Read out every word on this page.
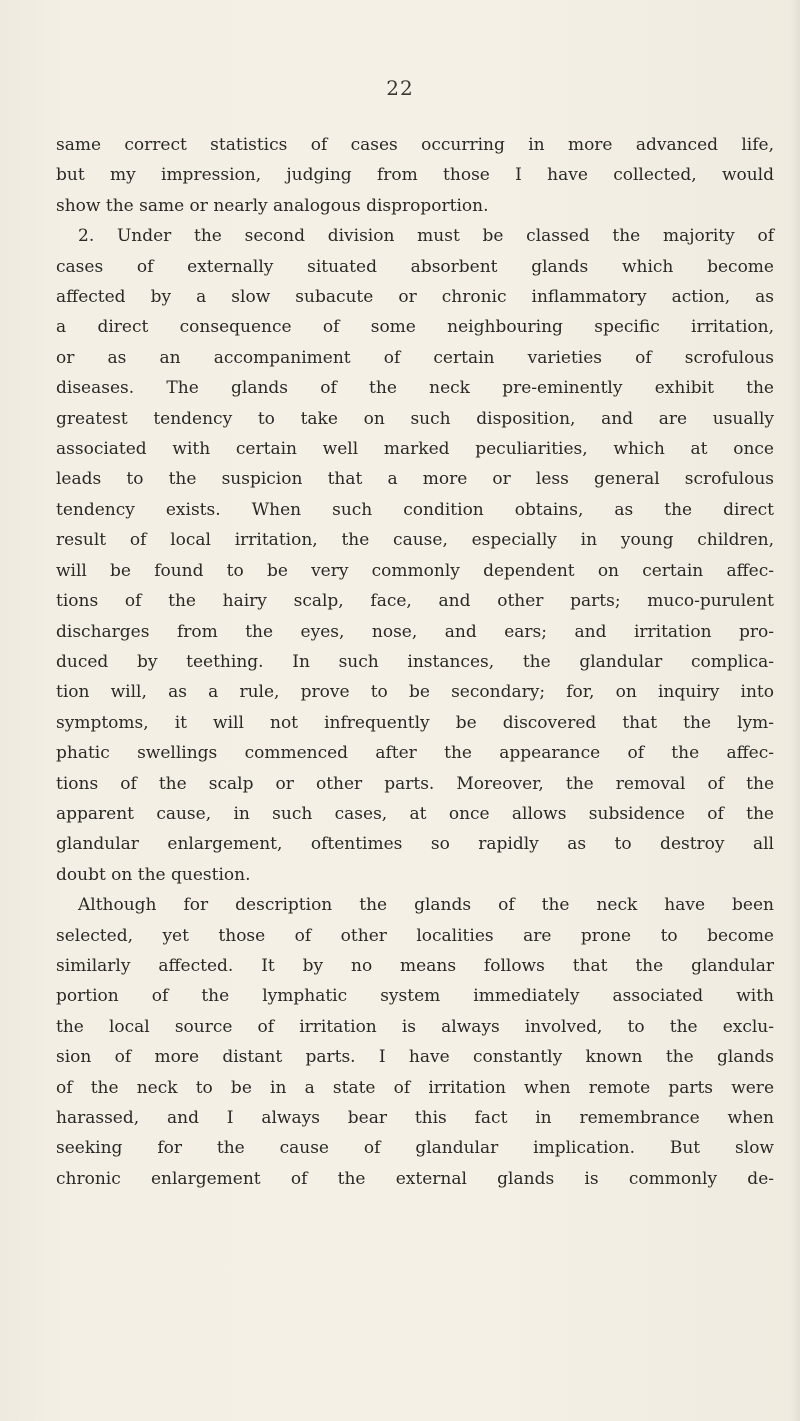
22
same correct statistics of cases occurring in more advanced life,
but my impression, judging from those I have collected, would
show the same or nearly analogous disproportion.
2. Under the second division must be classed the majority of
cases of externally situated absorbent glands which become
affected by a slow subacute or chronic inflammatory action, as
a direct consequence of some neighbouring specific irritation,
or as an accompaniment of certain varieties of scrofulous
diseases. The glands of the neck pre-eminently exhibit the
greatest tendency to take on such disposition, and are usually
associated with certain well marked peculiarities, which at once
leads to the suspicion that a more or less general scrofulous
tendency exists. When such condition obtains, as the direct
result of local irritation, the cause, especially in young children,
will be found to be very commonly dependent on certain affec-
tions of the hairy scalp, face, and other parts; muco-purulent
discharges from the eyes, nose, and ears; and irritation pro-
duced by teething. In such instances, the glandular complica-
tion will, as a rule, prove to be secondary; for, on inquiry into
symptoms, it will not infrequently be discovered that the lym-
phatic swellings commenced after the appearance of the affec-
tions of the scalp or other parts. Moreover, the removal of the
apparent cause, in such cases, at once allows subsidence of the
glandular enlargement, oftentimes so rapidly as to destroy all
doubt on the question.
Although for description the glands of the neck have been
selected, yet those of other localities are prone to become
similarly affected. It by no means follows that the glandular
portion of the lymphatic system immediately associated with
the local source of irritation is always involved, to the exclu-
sion of more distant parts. I have constantly known the glands
of the neck to be in a state of irritation when remote parts were
harassed, and I always bear this fact in remembrance when
seeking for the cause of glandular implication. But slow
chronic enlargement of the external glands is commonly de-
